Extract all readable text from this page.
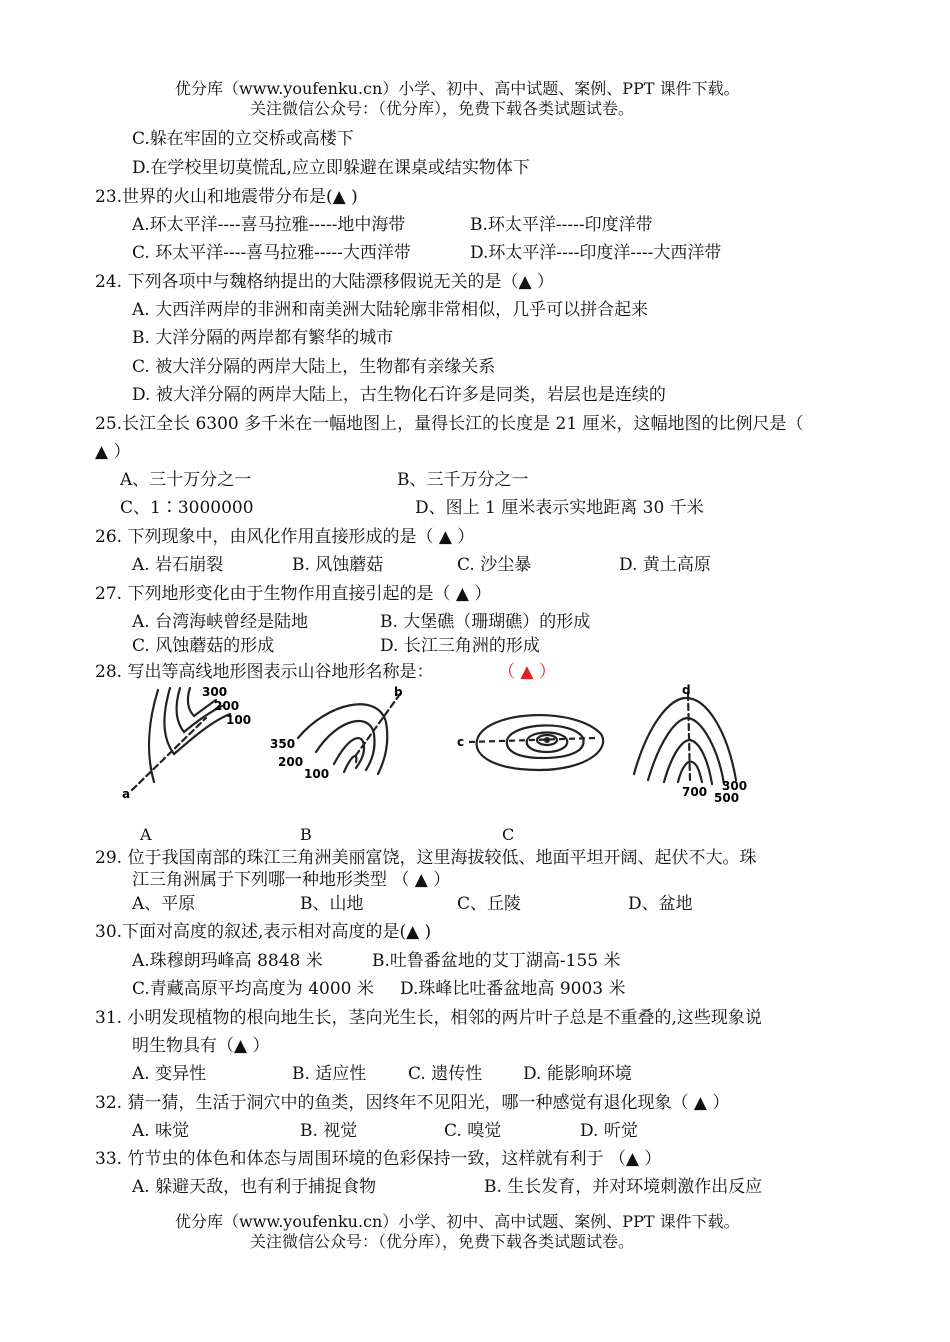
优分库（www.youfenku.cn）小学、初中、高中试题、案例、PPT 课件下载。
关注微信公众号：（优分库），免费下载各类试题试卷。
C.躲在牢固的立交桥或高楼下
D.在学校里切莫慌乱,应立即躲避在课桌或结实物体下
23.世界的火山和地震带分布是(▲ )
A.环太平洋----喜马拉雅-----地中海带	B.环太平洋-----印度洋带
C. 环太平洋----喜马拉雅-----大西洋带	D.环太平洋----印度洋----大西洋带
24. 下列各项中与魏格纳提出的大陆漂移假说无关的是（▲ ）
A. 大西洋两岸的非洲和南美洲大陆轮廓非常相似，几乎可以拼合起来
B. 大洋分隔的两岸都有繁华的城市
C. 被大洋分隔的两岸大陆上，生物都有亲缘关系
D. 被大洋分隔的两岸大陆上，古生物化石许多是同类，岩层也是连续的
25.长江全长 6300 多千米在一幅地图上，量得长江的长度是 21 厘米，这幅地图的比例尺是（
▲ ）
A、三十万分之一	B、三千万分之一
C、1∶3000000	D、图上 1 厘米表示实地距离 30 千米
26. 下列现象中，由风化作用直接形成的是（ ▲ ）
A. 岩石崩裂	B. 风蚀蘑菇	C. 沙尘暴	D. 黄土高原
27. 下列地形变化由于生物作用直接引起的是（ ▲ ）
A. 台湾海峡曾经是陆地	B. 大堡礁（珊瑚礁）的形成
C. 风蚀蘑菇的形成	D. 长江三角洲的形成
28. 写出等高线地形图表示山谷地形名称是：	（ ▲ ）
300
200
100
a
b
350
200
100
c
d
700 300
500
A	B	C
29. 位于我国南部的珠江三角洲美丽富饶，这里海拔较低、地面平坦开阔、起伏不大。珠
江三角洲属于下列哪一种地形类型 （ ▲ ）
A、平原	B、山地	C、丘陵	D、盆地
30.下面对高度的叙述,表示相对高度的是(▲ )
A.珠穆朗玛峰高 8848 米	B.吐鲁番盆地的艾丁湖高-155 米
C.青藏高原平均高度为 4000 米 D.珠峰比吐番盆地高 9003 米
31. 小明发现植物的根向地生长，茎向光生长，相邻的两片叶子总是不重叠的,这些现象说
明生物具有（▲ ）
A. 变异性	B. 适应性 C. 遗传性 D. 能影响环境
32. 猜一猜，生活于洞穴中的鱼类，因终年不见阳光，哪一种感觉有退化现象（ ▲ ）
A. 味觉	B. 视觉	C. 嗅觉	D. 听觉
33. 竹节虫的体色和体态与周围环境的色彩保持一致，这样就有利于 （▲ ）
A. 躲避天敌，也有利于捕捉食物	B. 生长发育，并对环境刺激作出反应
优分库（www.youfenku.cn）小学、初中、高中试题、案例、PPT 课件下载。
关注微信公众号：（优分库），免费下载各类试题试卷。
